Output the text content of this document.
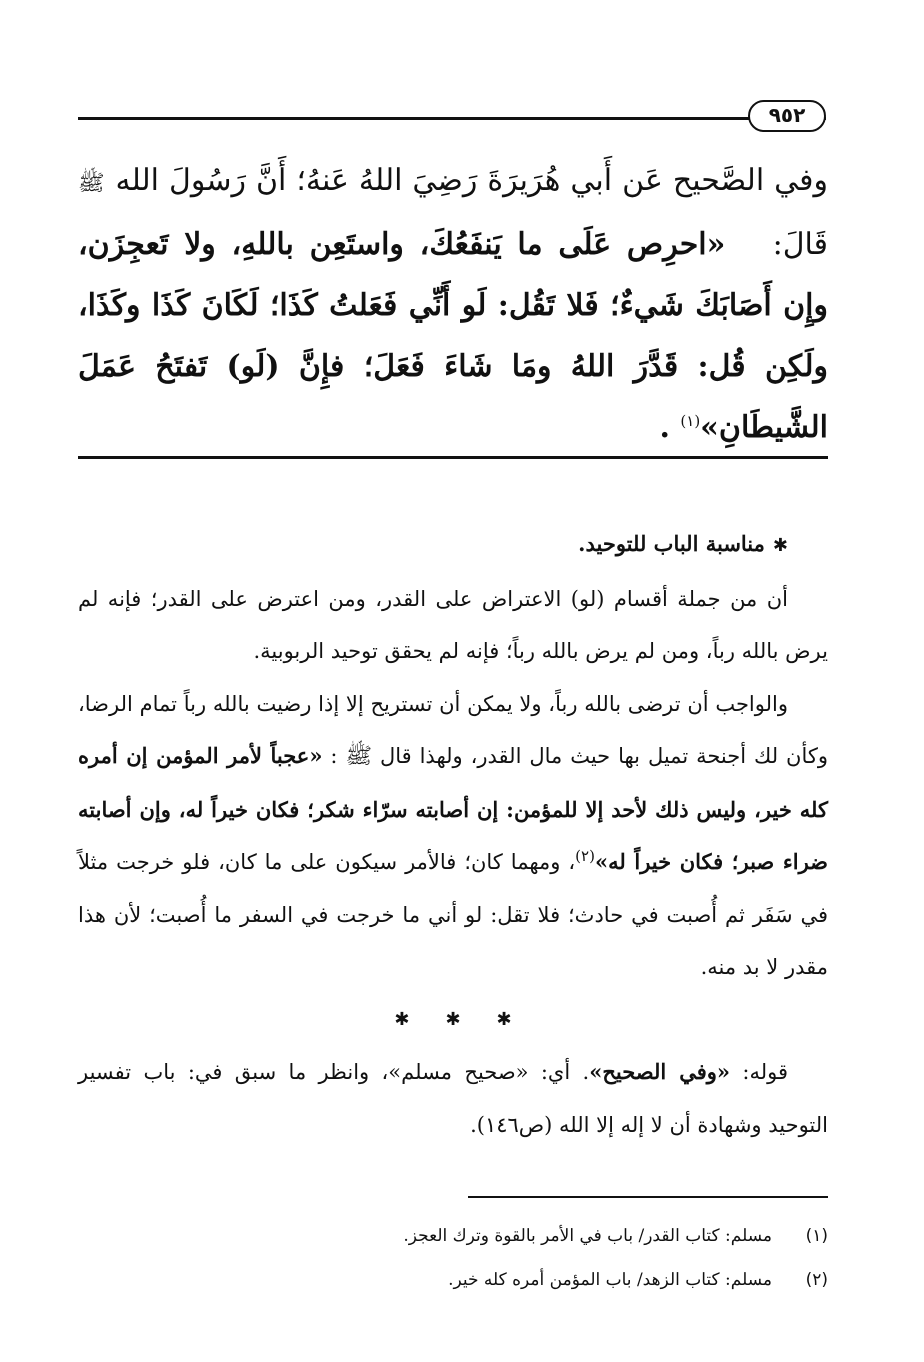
٩٥٢

وفي الصَّحيح عَن أَبي هُرَيرَةَ رَضِيَ اللهُ عَنهُ؛ أَنَّ رَسُولَ الله ﷺ قَالَ:   «احرِص عَلَى ما يَنفَعُكَ، واستَعِن باللهِ، ولا تَعجِزَن، وإِن أَصَابَكَ شَيءٌ؛ فَلا تَقُل: لَو أَنِّي فَعَلتُ كَذَا؛ لَكَانَ كَذَا وكَذَا، ولَكِن قُل: قَدَّرَ اللهُ ومَا شَاءَ فَعَلَ؛ فإِنَّ (لَو) تَفتَحُ عَمَلَ الشَّيطَانِ»$^{(١)}$ .

✱مناسبة الباب للتوحيد.

أن من جملة أقسام (لو) الاعتراض على القدر، ومن اعترض على القدر؛ فإنه لم يرض بالله رباً، ومن لم يرض بالله رباً؛ فإنه لم يحقق توحيد الربوبية.

والواجب أن ترضى بالله رباً، ولا يمكن أن تستريح إلا إذا رضيت بالله رباً تمام الرضا، وكأن لك أجنحة تميل بها حيث مال القدر، ولهذا قال ﷺ : «عجباً لأمر المؤمن إن أمره كله خير، وليس ذلك لأحد إلا للمؤمن: إن أصابته سرّاء شكر؛ فكان خيراً له، وإن أصابته ضراء صبر؛ فكان خيراً له»$^{(٢)}$، ومهما كان؛ فالأمر سيكون على ما كان، فلو خرجت مثلاً في سَفَر ثم أُصبت في حادث؛ فلا تقل: لو أني ما خرجت في السفر ما أُصبت؛ لأن هذا مقدر لا بد منه.

✱✱✱

قوله: «وفي الصحيح». أي: «صحيح مسلم»، وانظر ما سبق في: باب تفسير التوحيد وشهادة أن لا إله إلا الله (ص١٤٦).

(١)مسلم: كتاب القدر/ باب في الأمر بالقوة وترك العجز.

(٢)مسلم: كتاب الزهد/ باب المؤمن أمره كله خير.
